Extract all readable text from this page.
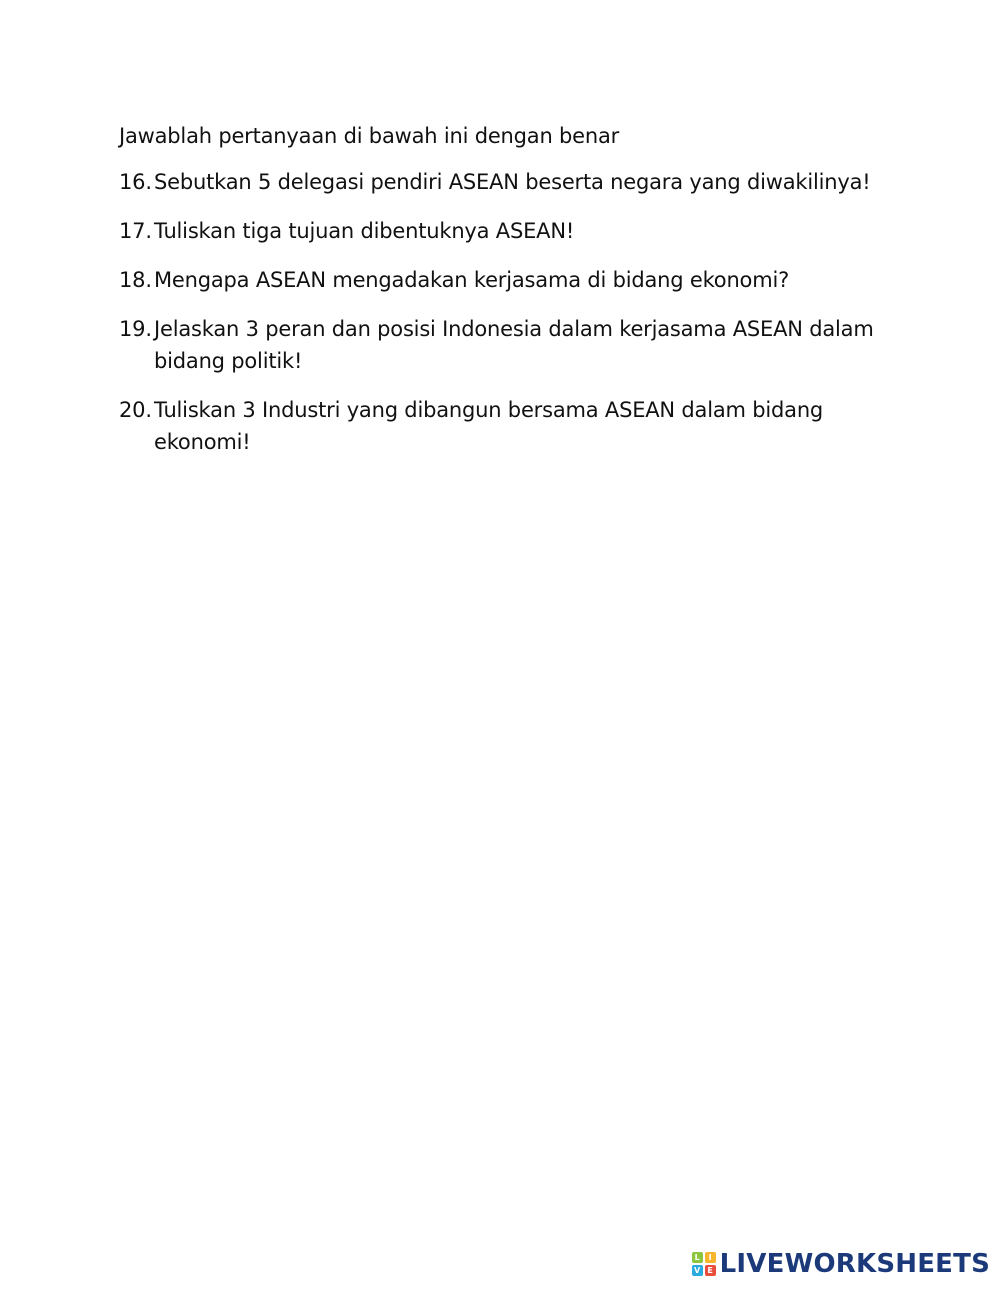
Jawablah pertanyaan di bawah ini dengan benar
16. Sebutkan 5 delegasi pendiri ASEAN beserta negara yang diwakilinya!
17. Tuliskan tiga tujuan dibentuknya ASEAN!
18. Mengapa ASEAN mengadakan kerjasama di bidang ekonomi?
19. Jelaskan 3 peran dan posisi Indonesia dalam kerjasama ASEAN dalam bidang politik!
20. Tuliskan 3 Industri yang dibangun bersama ASEAN dalam bidang ekonomi!
L	I
V E LIVEWORKSHEETS
